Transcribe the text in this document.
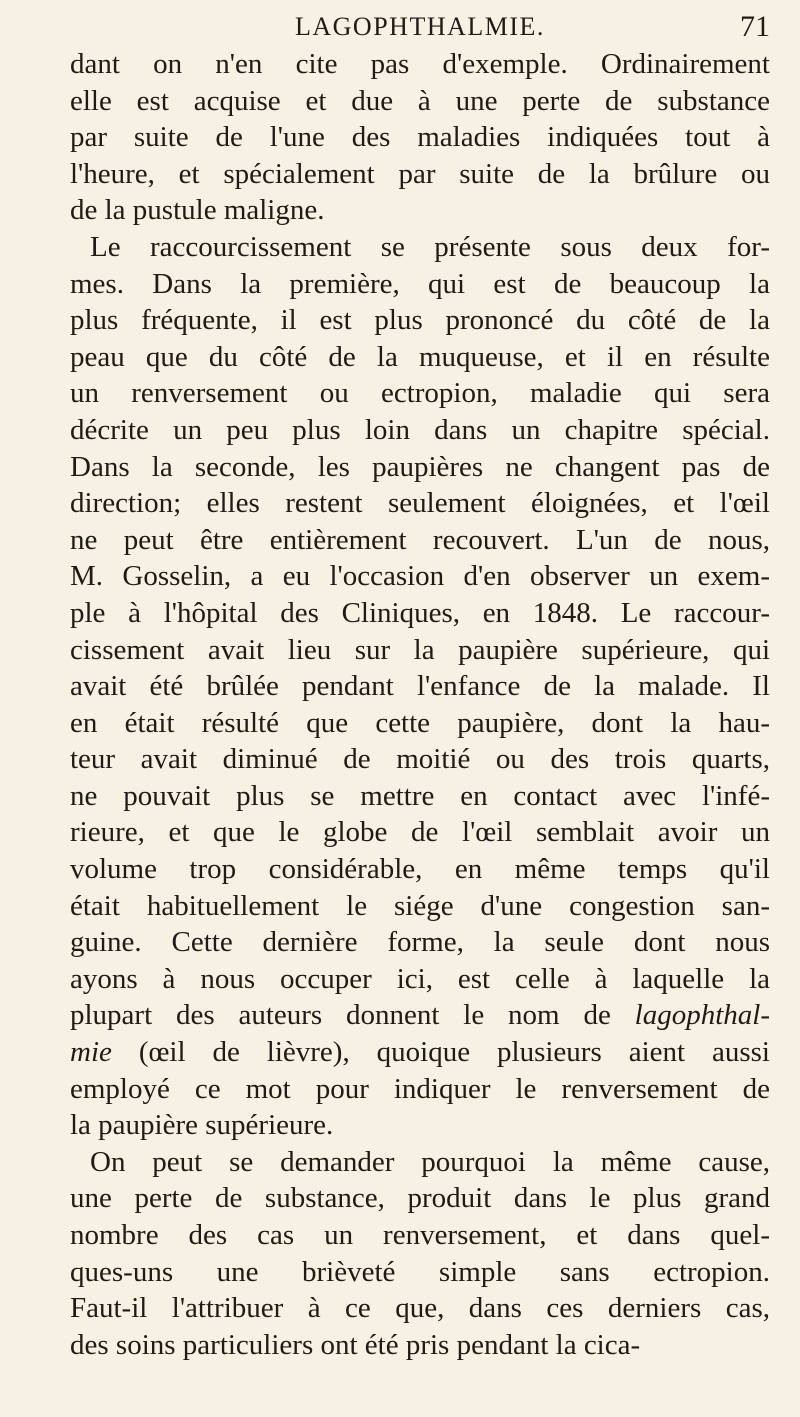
LAGOPHTHALMIE.	71
dant on n'en cite pas d'exemple. Ordinairement
elle est acquise et due à une perte de substance
par suite de l'une des maladies indiquées tout à
l'heure, et spécialement par suite de la brûlure ou
de la pustule maligne.
Le raccourcissement se présente sous deux for-
mes. Dans la première, qui est de beaucoup la
plus fréquente, il est plus prononcé du côté de la
peau que du côté de la muqueuse, et il en résulte
un renversement ou ectropion, maladie qui sera
décrite un peu plus loin dans un chapitre spécial.
Dans la seconde, les paupières ne changent pas de
direction; elles restent seulement éloignées, et l'œil
ne peut être entièrement recouvert. L'un de nous,
M. Gosselin, a eu l'occasion d'en observer un exem-
ple à l'hôpital des Cliniques, en 1848. Le raccour-
cissement avait lieu sur la paupière supérieure, qui
avait été brûlée pendant l'enfance de la malade. Il
en était résulté que cette paupière, dont la hau-
teur avait diminué de moitié ou des trois quarts,
ne pouvait plus se mettre en contact avec l'infé-
rieure, et que le globe de l'œil semblait avoir un
volume trop considérable, en même temps qu'il
était habituellement le siége d'une congestion san-
guine. Cette dernière forme, la seule dont nous
ayons à nous occuper ici, est celle à laquelle la
plupart des auteurs donnent le nom de lagophthal-
mie (œil de lièvre), quoique plusieurs aient aussi
employé ce mot pour indiquer le renversement de
la paupière supérieure.
On peut se demander pourquoi la même cause,
une perte de substance, produit dans le plus grand
nombre des cas un renversement, et dans quel-
ques-uns une brièveté simple sans ectropion.
Faut-il l'attribuer à ce que, dans ces derniers cas,
des soins particuliers ont été pris pendant la cica-
